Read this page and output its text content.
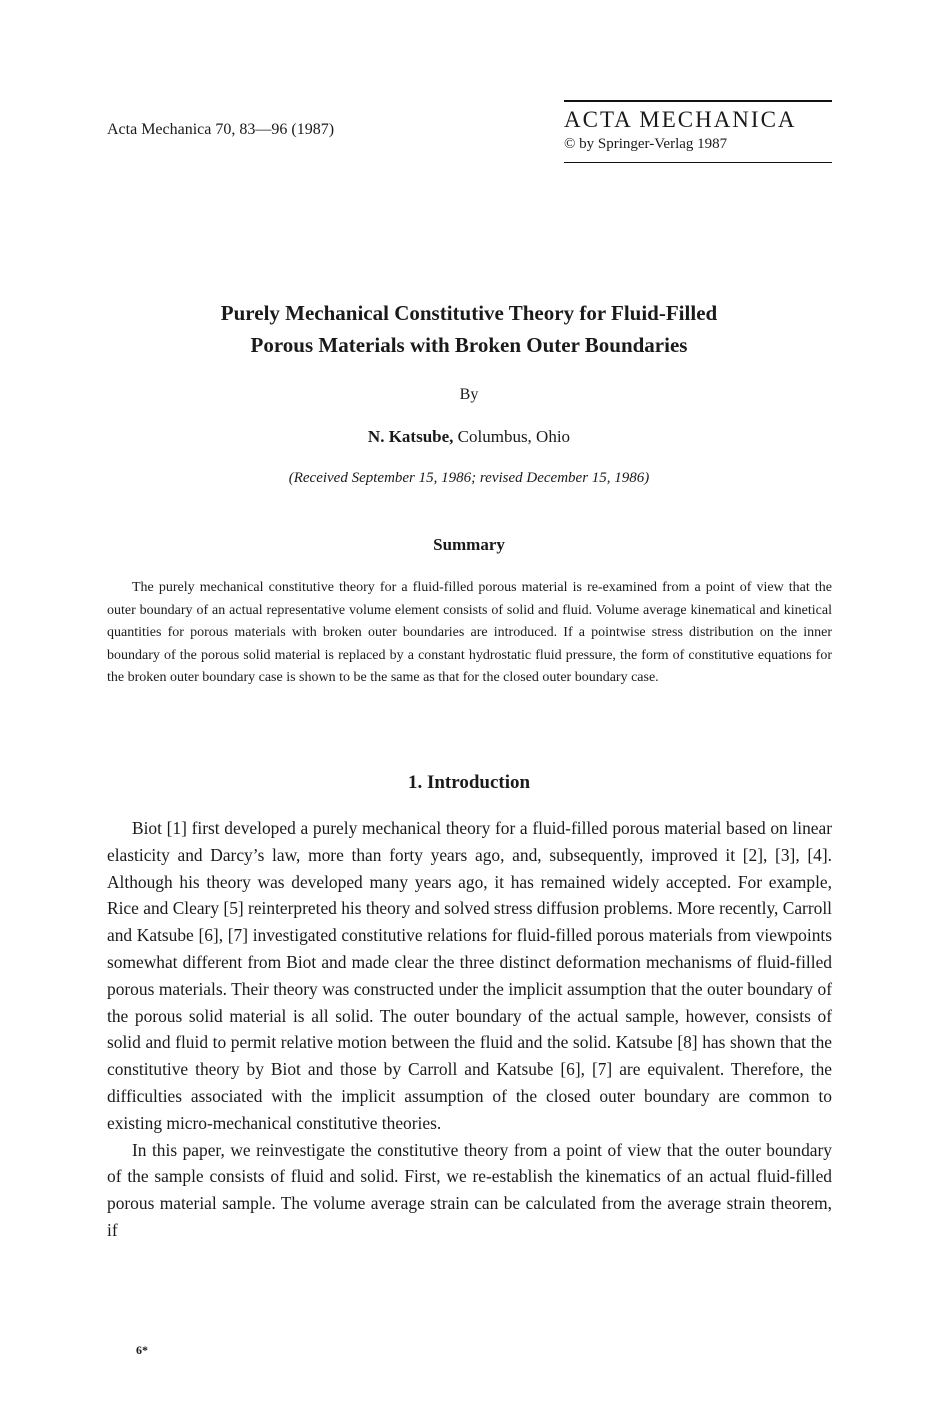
Acta Mechanica 70, 83—96 (1987)	ACTA MECHANICA
© by Springer-Verlag 1987
Purely Mechanical Constitutive Theory for Fluid-Filled
Porous Materials with Broken Outer Boundaries
By
N. Katsube, Columbus, Ohio
(Received September 15, 1986; revised December 15, 1986)
Summary
The purely mechanical constitutive theory for a fluid-filled porous material is re-examined from a point of view that the outer boundary of an actual representative volume element consists of solid and fluid. Volume average kinematical and kinetical quantities for porous materials with broken outer boundaries are introduced. If a pointwise stress distribution on the inner boundary of the porous solid material is replaced by a constant hydrostatic fluid pressure, the form of constitutive equations for the broken outer boundary case is shown to be the same as that for the closed outer boundary case.
1. Introduction

Biot [1] first developed a purely mechanical theory for a fluid-filled porous material based on linear elasticity and Darcy’s law, more than forty years ago, and, subsequently, improved it [2], [3], [4]. Although his theory was developed many years ago, it has remained widely accepted. For example, Rice and Cleary [5] reinterpreted his theory and solved stress diffusion problems. More recently, Carroll and Katsube [6], [7] investigated constitutive relations for fluid-filled porous materials from viewpoints somewhat different from Biot and made clear the three distinct deformation mechanisms of fluid-filled porous materials. Their theory was constructed under the implicit assumption that the outer boundary of the porous solid material is all solid. The outer boundary of the actual sample, however, consists of solid and fluid to permit relative motion between the fluid and the solid. Katsube [8] has shown that the constitutive theory by Biot and those by Carroll and Katsube [6], [7] are equivalent. Therefore, the difficulties associated with the implicit assumption of the closed outer boundary are common to existing micro-mechanical constitutive theories.

In this paper, we reinvestigate the constitutive theory from a point of view that the outer boundary of the sample consists of fluid and solid. First, we re-establish the kinematics of an actual fluid-filled porous material sample. The volume average strain can be calculated from the average strain theorem, if

6*
